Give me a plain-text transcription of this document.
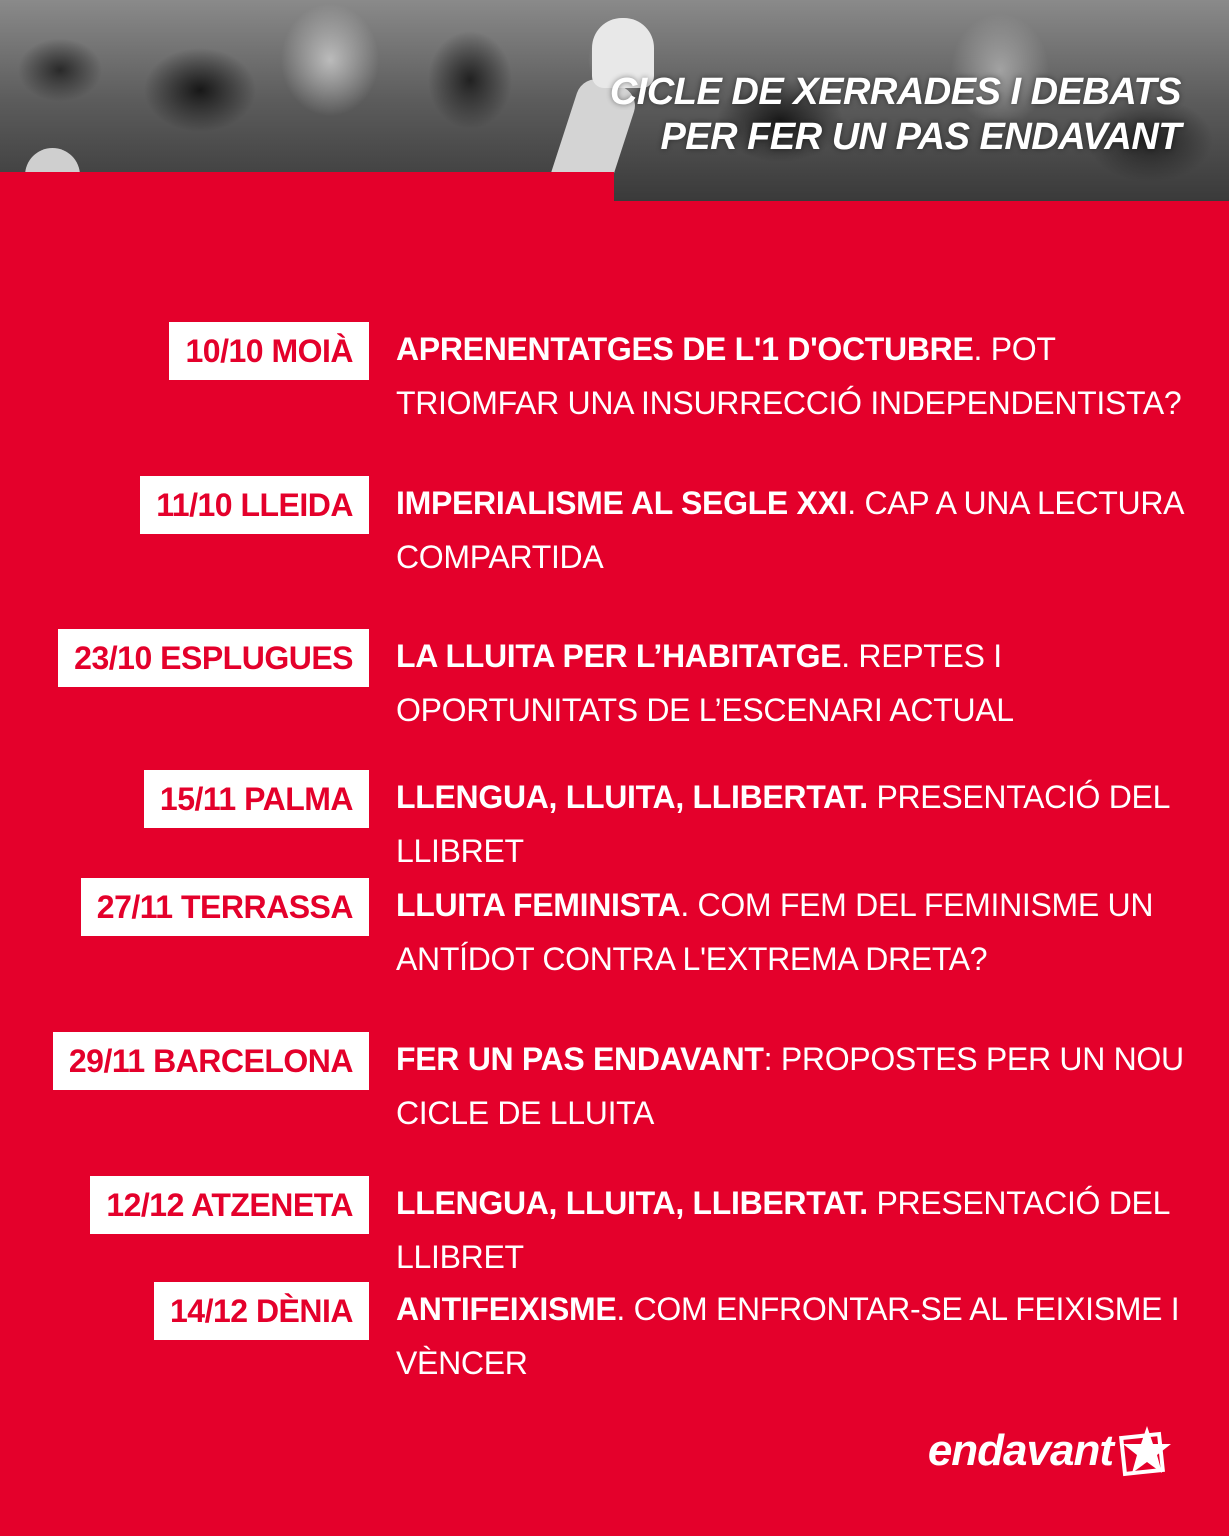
CICLE DE XERRADES I DEBATS
PER FER UN PAS ENDAVANT
10/10 MOIÀ	APRENENTATGES DE L'1 D'OCTUBRE. POT TRIOMFAR UNA INSURRECCIÓ INDEPENDENTISTA?

11/10 LLEIDA	IMPERIALISME AL SEGLE XXI. CAP A UNA LECTURA COMPARTIDA

23/10 ESPLUGUES	LA LLUITA PER L’HABITATGE. REPTES I OPORTUNITATS DE L’ESCENARI ACTUAL

15/11 PALMA	LLENGUA, LLUITA, LLIBERTAT. PRESENTACIÓ DEL LLIBRET

27/11 TERRASSA	LLUITA FEMINISTA. COM FEM DEL FEMINISME UN ANTÍDOT CONTRA L'EXTREMA DRETA?

29/11 BARCELONA	FER UN PAS ENDAVANT: PROPOSTES PER UN NOU CICLE DE LLUITA

12/12 ATZENETA	LLENGUA, LLUITA, LLIBERTAT. PRESENTACIÓ DEL LLIBRET

14/12 DÈNIA	ANTIFEIXISME. COM ENFRONTAR-SE AL FEIXISME I VÈNCER

endavant
